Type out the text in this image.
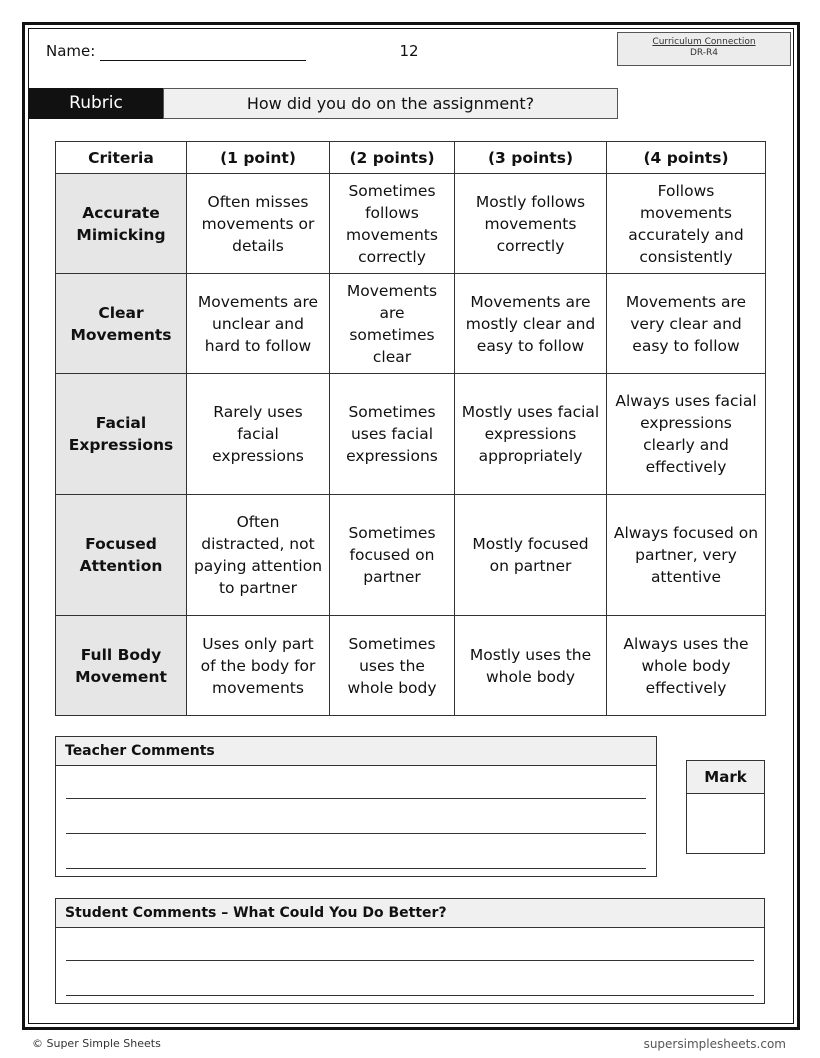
Name:	12	Curriculum Connection
DR-R4
Rubric	How did you do on the assignment?
Criteria	(1 point)	(2 points)	(3 points)	(4 points)
Accurate Mimicking	Often misses movements or details	Sometimes follows movements correctly	Mostly follows movements correctly	Follows movements accurately and consistently
Clear Movements	Movements are unclear and hard to follow	Movements are sometimes clear	Movements are mostly clear and easy to follow	Movements are very clear and easy to follow
Facial Expressions	Rarely uses facial expressions	Sometimes uses facial expressions	Mostly uses facial expressions appropriately	Always uses facial expressions clearly and effectively
Focused Attention	Often distracted, not paying attention to partner	Sometimes focused on partner	Mostly focused on partner	Always focused on partner, very attentive
Full Body Movement	Uses only part of the body for movements	Sometimes uses the whole body	Mostly uses the whole body	Always uses the whole body effectively
Teacher Comments
Mark
Student Comments – What Could You Do Better?
© Super Simple Sheets	supersimplesheets.com
